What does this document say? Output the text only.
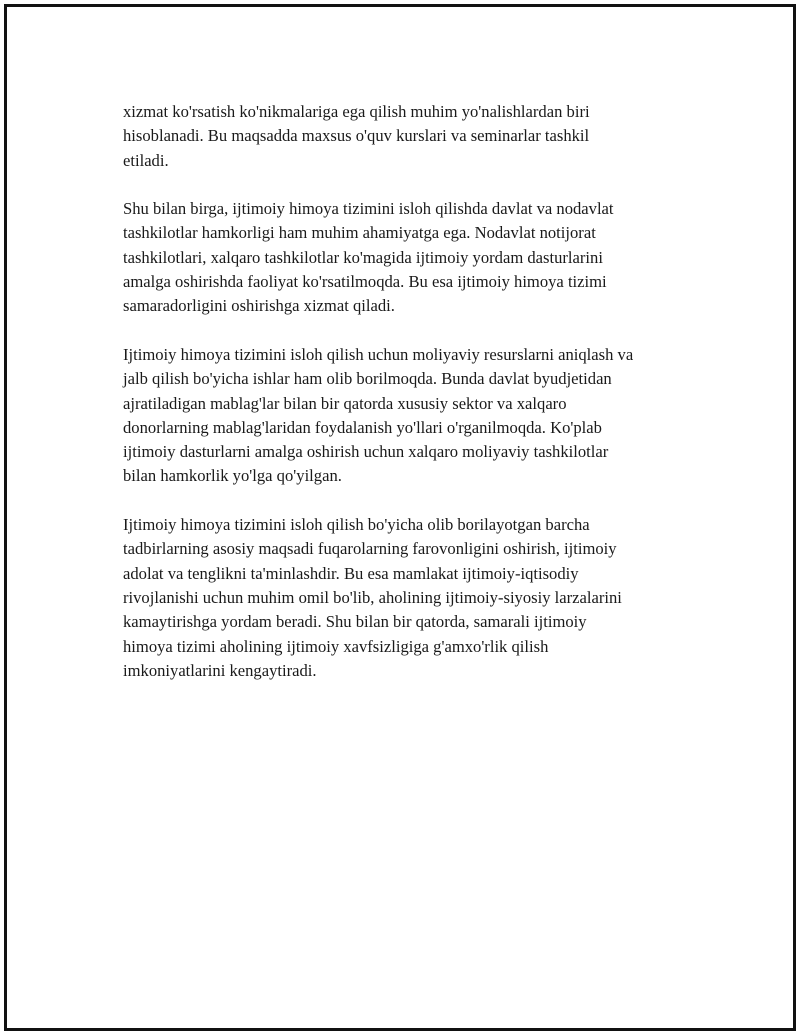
xizmat ko'rsatish ko'nikmalariga ega qilish muhim yo'nalishlardan biri
hisoblanadi. Bu maqsadda maxsus o'quv kurslari va seminarlar tashkil
etiladi.

Shu bilan birga, ijtimoiy himoya tizimini isloh qilishda davlat va nodavlat
tashkilotlar hamkorligi ham muhim ahamiyatga ega. Nodavlat notijorat
tashkilotlari, xalqaro tashkilotlar ko'magida ijtimoiy yordam dasturlarini
amalga oshirishda faoliyat ko'rsatilmoqda. Bu esa ijtimoiy himoya tizimi
samaradorligini oshirishga xizmat qiladi.

Ijtimoiy himoya tizimini isloh qilish uchun moliyaviy resurslarni aniqlash va
jalb qilish bo'yicha ishlar ham olib borilmoqda. Bunda davlat byudjetidan
ajratiladigan mablag'lar bilan bir qatorda xususiy sektor va xalqaro
donorlarning mablag'laridan foydalanish yo'llari o'rganilmoqda. Ko'plab
ijtimoiy dasturlarni amalga oshirish uchun xalqaro moliyaviy tashkilotlar
bilan hamkorlik yo'lga qo'yilgan.

Ijtimoiy himoya tizimini isloh qilish bo'yicha olib borilayotgan barcha
tadbirlarning asosiy maqsadi fuqarolarning farovonligini oshirish, ijtimoiy
adolat va tenglikni ta'minlashdir. Bu esa mamlakat ijtimoiy-iqtisodiy
rivojlanishi uchun muhim omil bo'lib, aholining ijtimoiy-siyosiy larzalarini
kamaytirishga yordam beradi. Shu bilan bir qatorda, samarali ijtimoiy
himoya tizimi aholining ijtimoiy xavfsizligiga g'amxo'rlik qilish
imkoniyatlarini kengaytiradi.
